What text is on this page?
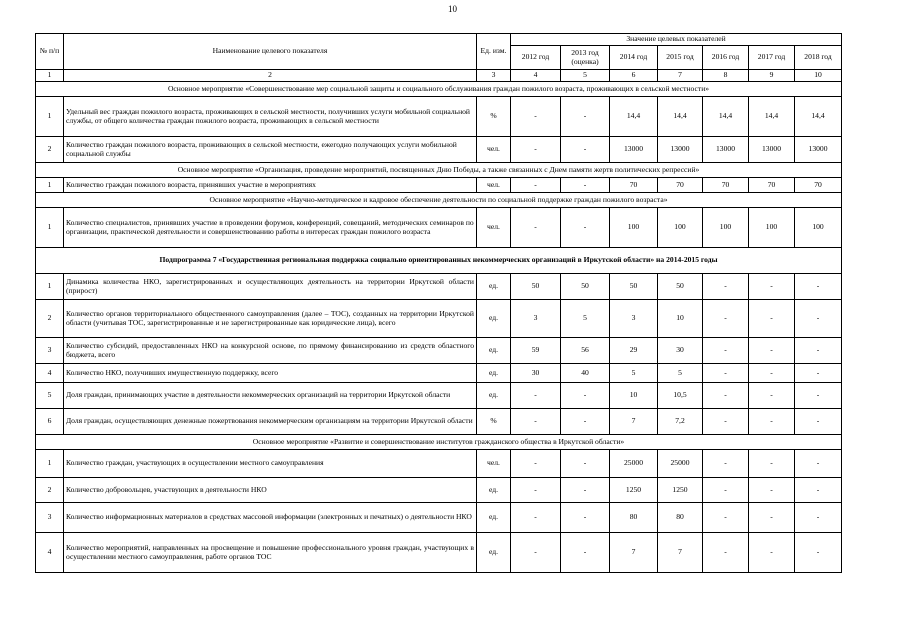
10
№ п/п	Наименование целевого показателя	Ед. изм.	Значение целевых показателей						
			2012 год	2013 год (оценка)	2014 год	2015 год	2016 год	2017 год	2018 год
1	2	3	4	5	6	7	8	9	10
Основное мероприятие «Совершенствование мер социальной защиты и социального обслуживания граждан пожилого возраста, проживающих в сельской местности»									
1	Удельный вес граждан пожилого возраста, проживающих в сельской местности, получивших услуги мобильной социальной службы, от общего количества граждан пожилого возраста, проживающих в сельской местности	%	-	-	14,4	14,4	14,4	14,4	14,4
2	Количество граждан пожилого возраста, проживающих в сельской местности, ежегодно получающих услуги мобильной социальной службы	чел.	-	-	13000	13000	13000	13000	13000
Основное мероприятие «Организация, проведение мероприятий, посвященных Дню Победы, а также связанных с Днем памяти жертв политических репрессий»									
1	Количество граждан пожилого возраста, принявших участие в мероприятиях	чел.	-	-	70	70	70	70	70
Основное мероприятие «Научно-методическое и кадровое обеспечение деятельности по социальной поддержке граждан пожилого возраста»									
1	Количество специалистов, принявших участие в проведении форумов, конференций, совещаний, методических семинаров по организации, практической деятельности и совершенствованию работы в интересах граждан пожилого возраста	чел.	-	-	100	100	100	100	100
Подпрограмма 7 «Государственная региональная поддержка социально ориентированных некоммерческих организаций в Иркутской области» на 2014-2015 годы									
1	Динамика количества НКО, зарегистрированных и осуществляющих деятельность на территории Иркутской области (прирост)	ед.	50	50	50	50	-	-	-
2	Количество органов территориального общественного самоуправления (далее – ТОС), созданных на территории Иркутской области (учитывая ТОС, зарегистрированные и не зарегистрированные как юридические лица), всего	ед.	3	5	3	10	-	-	-
3	Количество субсидий, предоставленных НКО на конкурсной основе, по прямому финансированию из средств областного бюджета, всего	ед.	59	56	29	30	-	-	-
4	Количество НКО, получивших имущественную поддержку, всего	ед.	30	40	5	5	-	-	-
5	Доля граждан, принимающих участие в деятельности некоммерческих организаций на территории Иркутской области	ед.	-	-	10	10,5	-	-	-
6	Доля граждан, осуществляющих денежные пожертвования некоммерческим организациям на территории Иркутской области	%	-	-	7	7,2	-	-	-
Основное мероприятие «Развитие и совершенствование институтов гражданского общества в Иркутской области»									
1	Количество граждан, участвующих в осуществлении местного самоуправления	чел.	-	-	25000	25000	-	-	-
2	Количество добровольцев, участвующих в деятельности НКО	ед.	-	-	1250	1250	-	-	-
3	Количество информационных материалов в средствах массовой информации (электронных и печатных) о деятельности НКО	ед.	-	-	80	80	-	-	-
4	Количество мероприятий, направленных на просвещение и повышение профессионального уровня граждан, участвующих в осуществлении местного самоуправления, работе органов ТОС	ед.	-	-	7	7	-	-	-
